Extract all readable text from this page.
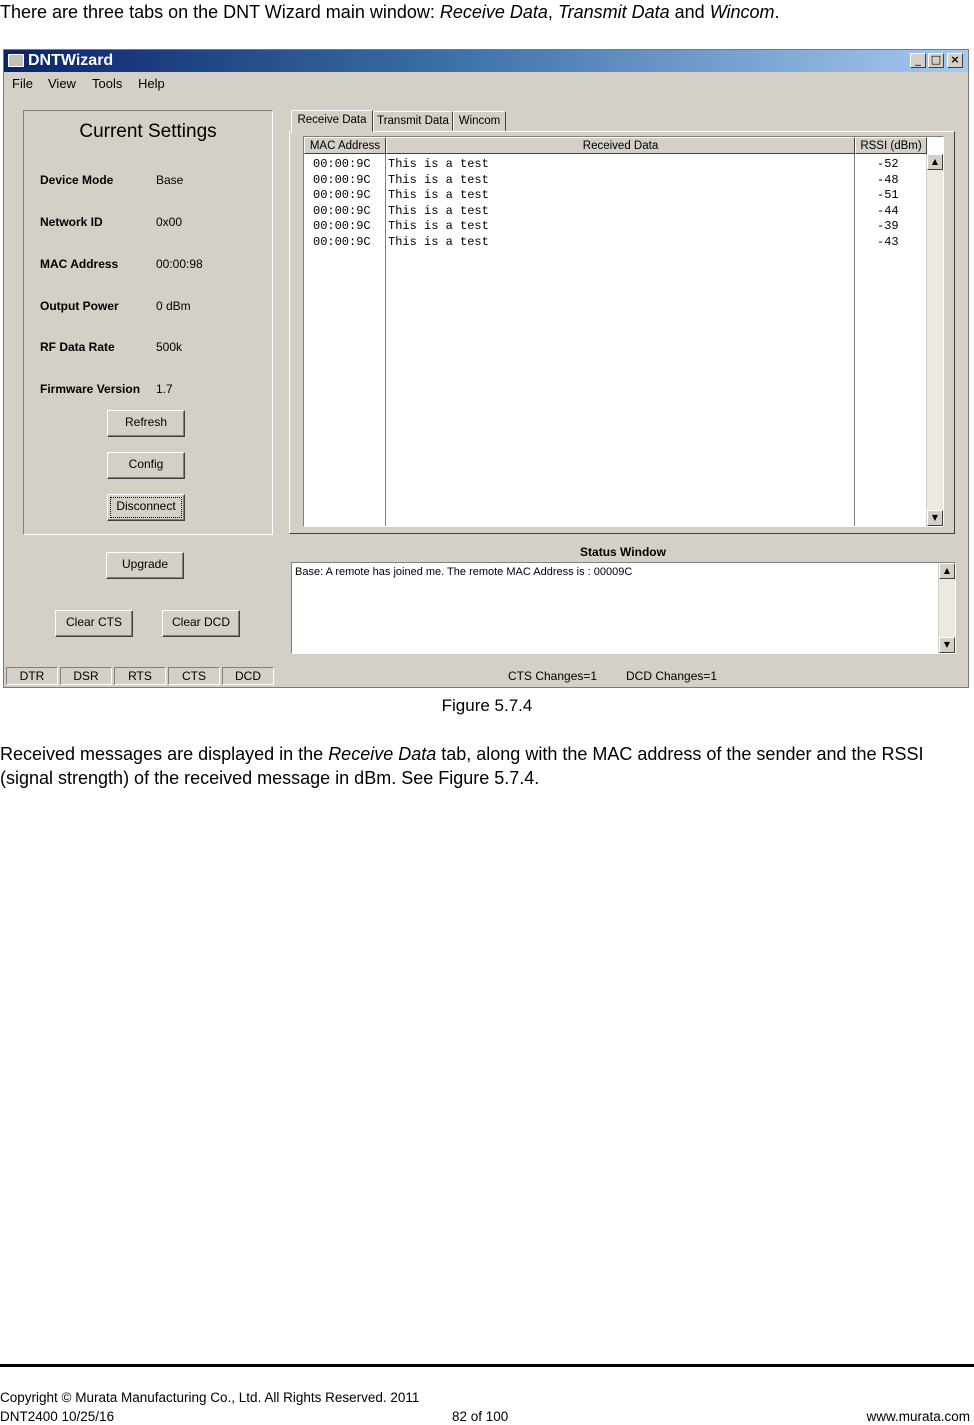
There are three tabs on the DNT Wizard main window: Receive Data, Transmit Data and Wincom.
DNTWizard	_ □ ×
File View Tools Help
Current Settings
Device Mode	Base
Network ID	0x00
MAC Address	00:00:98
Output Power	0 dBm
RF Data Rate	500k
Firmware Version 1.7
Refresh
Config
Disconnect
Upgrade
Clear CTS	Clear DCD
Receive Data Transmit Data Wincom
MAC Address	Received Data	RSSI (dBm)
00:00:9C This is a test	-52
00:00:9C This is a test	-48
00:00:9C This is a test	-51
00:00:9C This is a test	-44
00:00:9C This is a test	-39
00:00:9C This is a test	-43
▲
▼
Status Window
Base: A remote has joined me. The remote MAC Address is : 00009C	▲
▼
DTR	DSR	RTS	CTS	DCD	CTS Changes=1 DCD Changes=1
Figure 5.7.4
Received messages are displayed in the Receive Data tab, along with the MAC address of the sender and the RSSI (signal strength) of the received message in dBm. See Figure 5.7.4.
Copyright © Murata Manufacturing Co., Ltd. All Rights Reserved. 2011
DNT2400 10/25/16	82 of 100	www.murata.com
